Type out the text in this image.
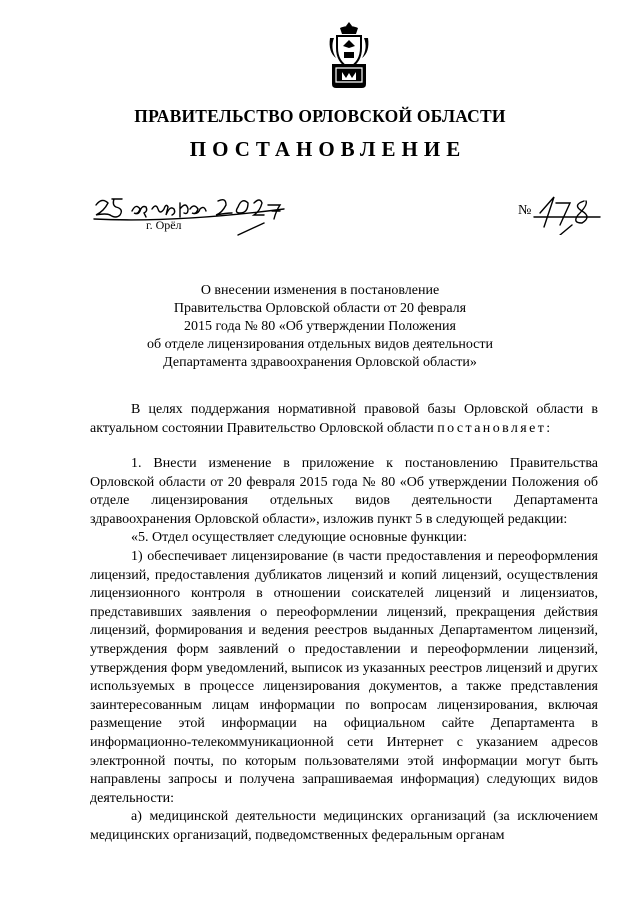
ПРАВИТЕЛЬСТВО ОРЛОВСКОЙ ОБЛАСТИ
ПОСТАНОВЛЕНИЕ
г. Орёл
№
О внесении изменения в постановление
Правительства Орловской области от 20 февраля
2015 года № 80 «Об утверждении Положения
об отделе лицензирования отдельных видов деятельности
Департамента здравоохранения Орловской области»

В целях поддержания нормативной правовой базы Орловской области в актуальном состоянии Правительство Орловской области постановляет:

1. Внести изменение в приложение к постановлению Правительства Орловской области от 20 февраля 2015 года № 80 «Об утверждении Положения об отделе лицензирования отдельных видов деятельности Департамента здравоохранения Орловской области», изложив пункт 5 в следующей редакции:

«5. Отдел осуществляет следующие основные функции:

1) обеспечивает лицензирование (в части предоставления и переоформления лицензий, предоставления дубликатов лицензий и копий лицензий, осуществления лицензионного контроля в отношении соискателей лицензий и лицензиатов, представивших заявления о переоформлении лицензий, прекращения действия лицензий, формирования и ведения реестров выданных Департаментом лицензий, утверждения форм заявлений о предоставлении и переоформлении лицензий, утверждения форм уведомлений, выписок из указанных реестров лицензий и других используемых в процессе лицензирования документов, а также представления заинтересованным лицам информации по вопросам лицензирования, включая размещение этой информации на официальном сайте Департамента в информационно-телекоммуникационной сети Интернет с указанием адресов электронной почты, по которым пользователями этой информации могут быть направлены запросы и получена запрашиваемая информация) следующих видов деятельности:

а) медицинской деятельности медицинских организаций (за исключением медицинских организаций, подведомственных федеральным органам
